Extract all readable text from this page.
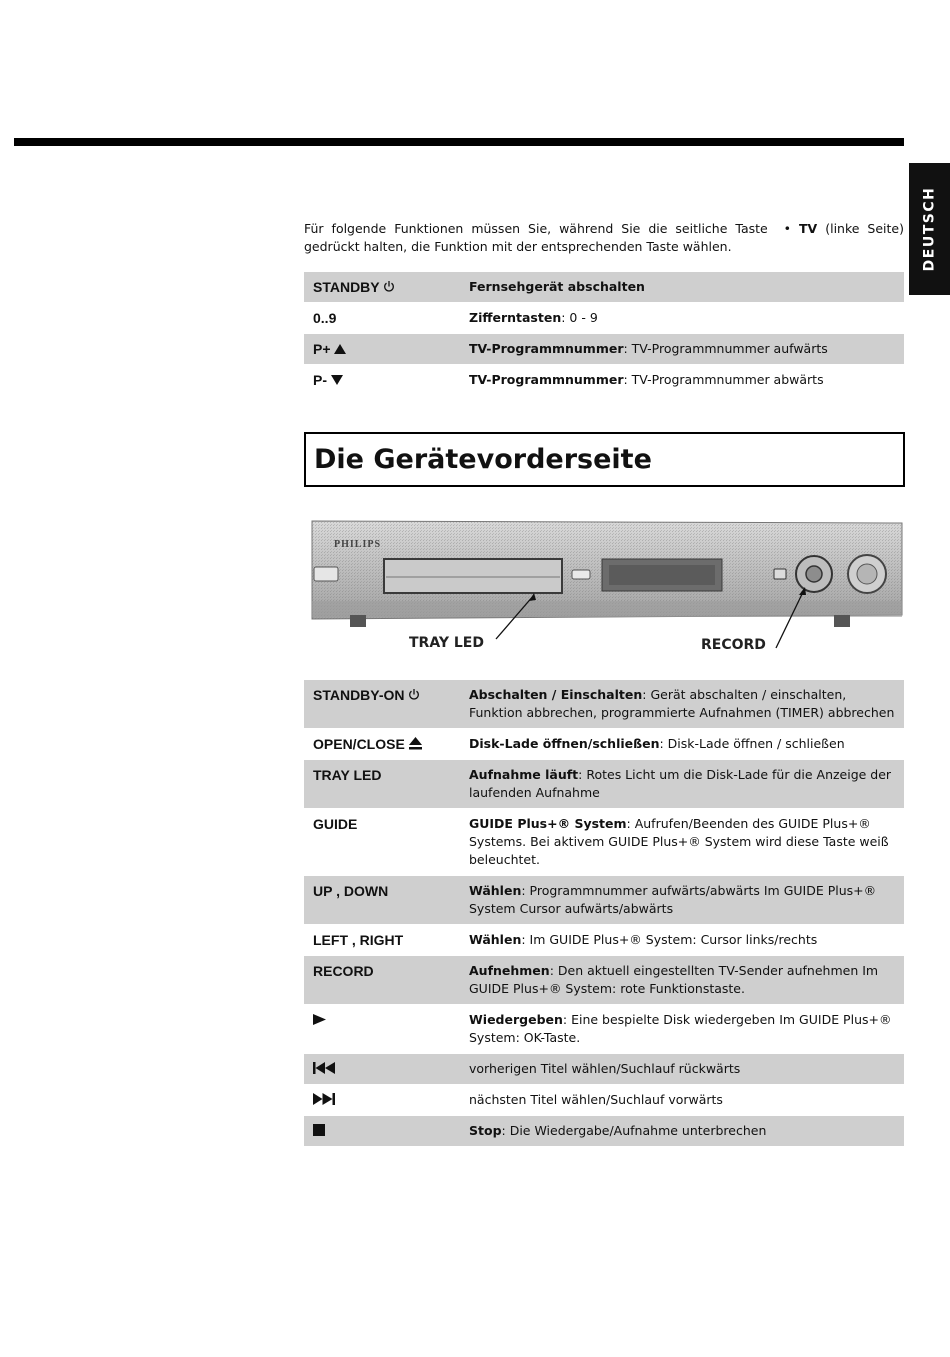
DEUTSCH

Für folgende Funktionen müssen Sie, während Sie die seitliche Taste • TV (linke Seite) gedrückt halten, die Funktion mit der entsprechenden Taste wählen.

STANDBY	Fernsehgerät abschalten
0..9	Zifferntasten: 0 - 9
P+	TV-Programmnummer: TV-Programmnummer aufwärts
P-	TV-Programmnummer: TV-Programmnummer abwärts
Die Gerätevorderseite
PHILIPS
TRAY LED	RECORD
STANDBY-ON	Abschalten / Einschalten: Gerät abschalten / einschalten, Funktion abbrechen, programmierte Aufnahmen (TIMER) abbrechen
OPEN/CLOSE	Disk-Lade öffnen/schließen: Disk-Lade öffnen / schließen
TRAY LED	Aufnahme läuft: Rotes Licht um die Disk-Lade für die Anzeige der laufenden Aufnahme
GUIDE	GUIDE Plus+® System: Aufrufen/Beenden des GUIDE Plus+® Systems. Bei aktivem GUIDE Plus+® System wird diese Taste weiß beleuchtet.
UP , DOWN	Wählen: Programmnummer aufwärts/abwärts Im GUIDE Plus+® System Cursor aufwärts/abwärts
LEFT , RIGHT	Wählen: Im GUIDE Plus+® System: Cursor links/rechts
RECORD	Aufnehmen: Den aktuell eingestellten TV-Sender aufnehmen Im GUIDE Plus+® System: rote Funktionstaste.
	Wiedergeben: Eine bespielte Disk wiedergeben Im GUIDE Plus+® System: OK-Taste.
	vorherigen Titel wählen/Suchlauf rückwärts
	nächsten Titel wählen/Suchlauf vorwärts
	Stop: Die Wiedergabe/Aufnahme unterbrechen
